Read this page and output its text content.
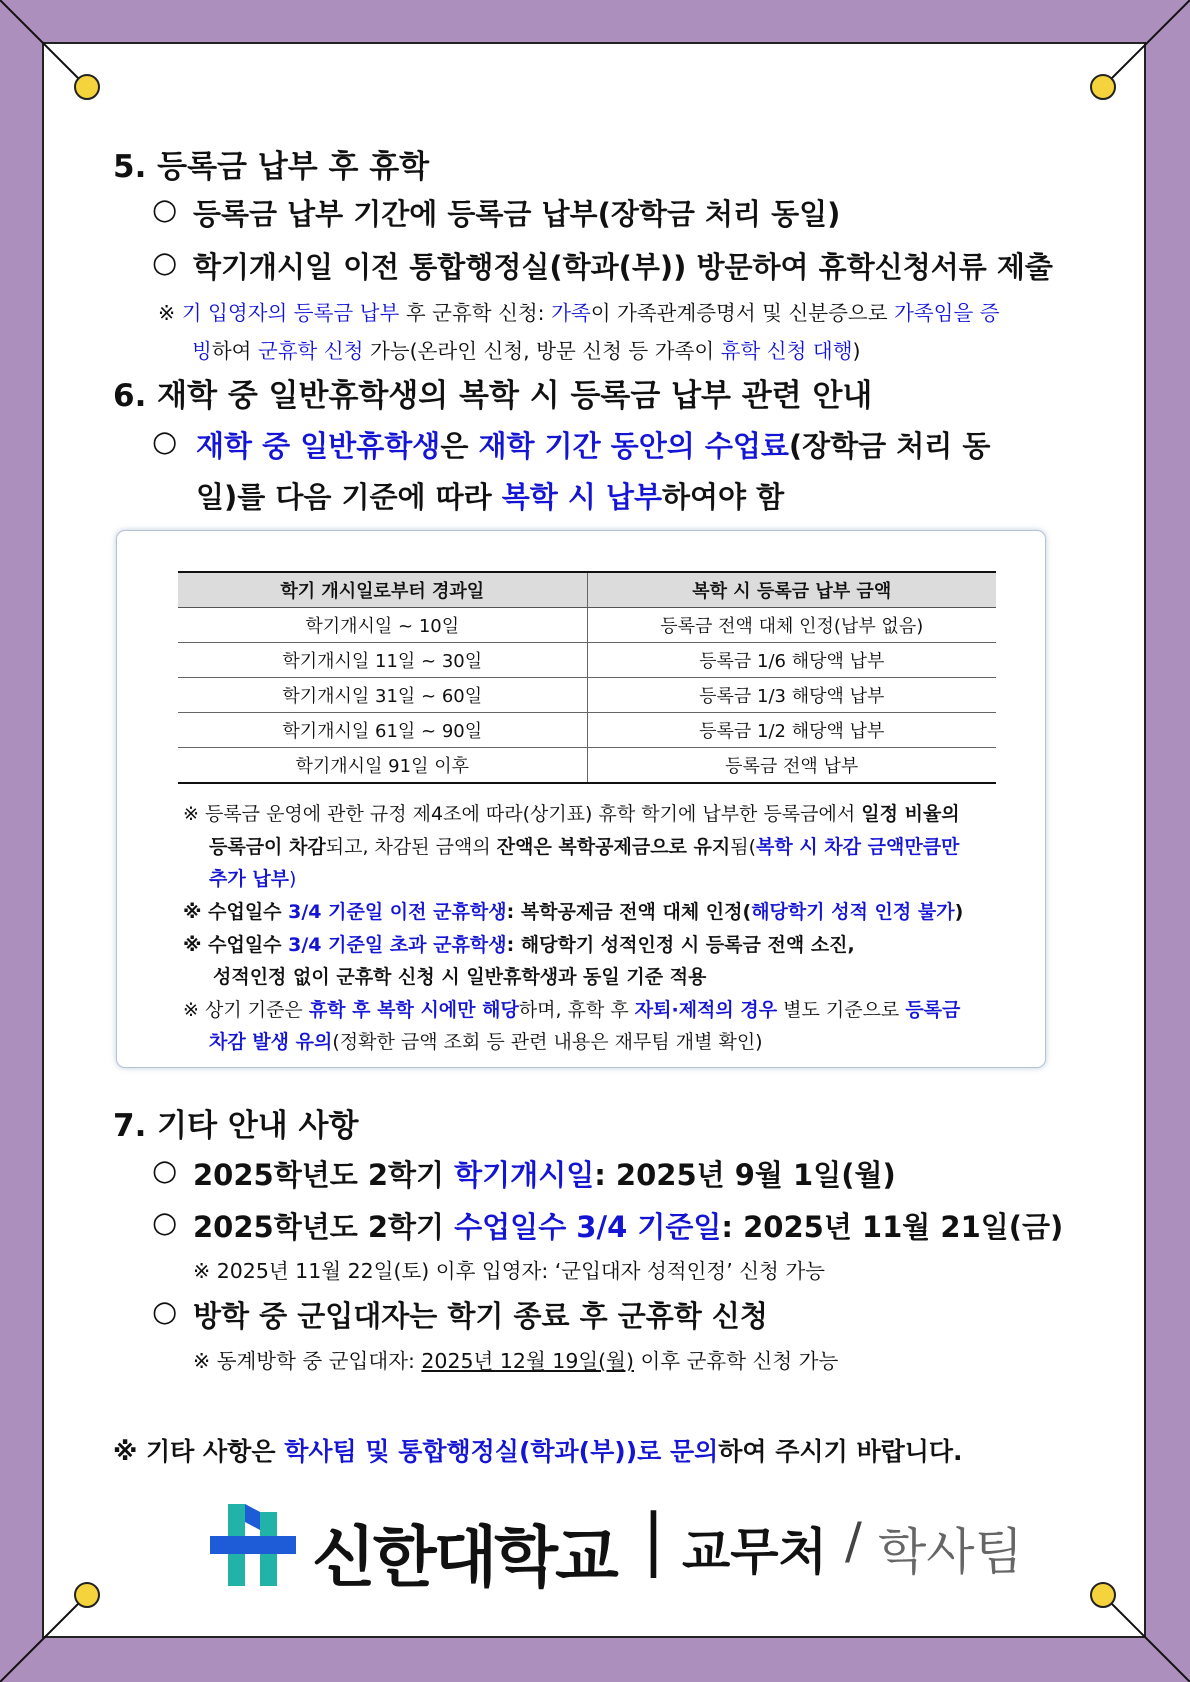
5. 등록금 납부 후 휴학
○ 등록금 납부 기간에 등록금 납부(장학금 처리 동일)
○ 학기개시일 이전 통합행정실(학과(부)) 방문하여 휴학신청서류 제출
※ 기 입영자의 등록금 납부 후 군휴학 신청: 가족이 가족관계증명서 및 신분증으로 가족임을 증
빙하여 군휴학 신청 가능(온라인 신청, 방문 신청 등 가족이 휴학 신청 대행)
6. 재학 중 일반휴학생의 복학 시 등록금 납부 관련 안내
○ 재학 중 일반휴학생은 재학 기간 동안의 수업료(장학금 처리 동
일)를 다음 기준에 따라 복학 시 납부하여야 함
학기 개시일로부터 경과일	복학 시 등록금 납부 금액
학기개시일 ~ 10일	등록금 전액 대체 인정(납부 없음)
학기개시일 11일 ~ 30일	등록금 1/6 해당액 납부
학기개시일 31일 ~ 60일	등록금 1/3 해당액 납부
학기개시일 61일 ~ 90일	등록금 1/2 해당액 납부
학기개시일 91일 이후	등록금 전액 납부
※ 등록금 운영에 관한 규정 제4조에 따라(상기표) 휴학 학기에 납부한 등록금에서 일정 비율의
등록금이 차감되고, 차감된 금액의 잔액은 복학공제금으로 유지됨(복학 시 차감 금액만큼만
추가 납부)
※ 수업일수 3/4 기준일 이전 군휴학생: 복학공제금 전액 대체 인정(해당학기 성적 인정 불가)
※ 수업일수 3/4 기준일 초과 군휴학생: 해당학기 성적인정 시 등록금 전액 소진,
성적인정 없이 군휴학 신청 시 일반휴학생과 동일 기준 적용
※ 상기 기준은 휴학 후 복학 시에만 해당하며, 휴학 후 자퇴·제적의 경우 별도 기준으로 등록금
차감 발생 유의(정확한 금액 조회 등 관련 내용은 재무팀 개별 확인)
7. 기타 안내 사항
○ 2025학년도 2학기 학기개시일: 2025년 9월 1일(월)
○ 2025학년도 2학기 수업일수 3/4 기준일: 2025년 11월 21일(금)
※ 2025년 11월 22일(토) 이후 입영자: ‘군입대자 성적인정’ 신청 가능
○ 방학 중 군입대자는 학기 종료 후 군휴학 신청
※ 동계방학 중 군입대자: 2025년 12월 19일(월) 이후 군휴학 신청 가능
※ 기타 사항은 학사팀 및 통합행정실(학과(부))로 문의하여 주시기 바랍니다.
신한대학교 | 교무처 / 학사팀
